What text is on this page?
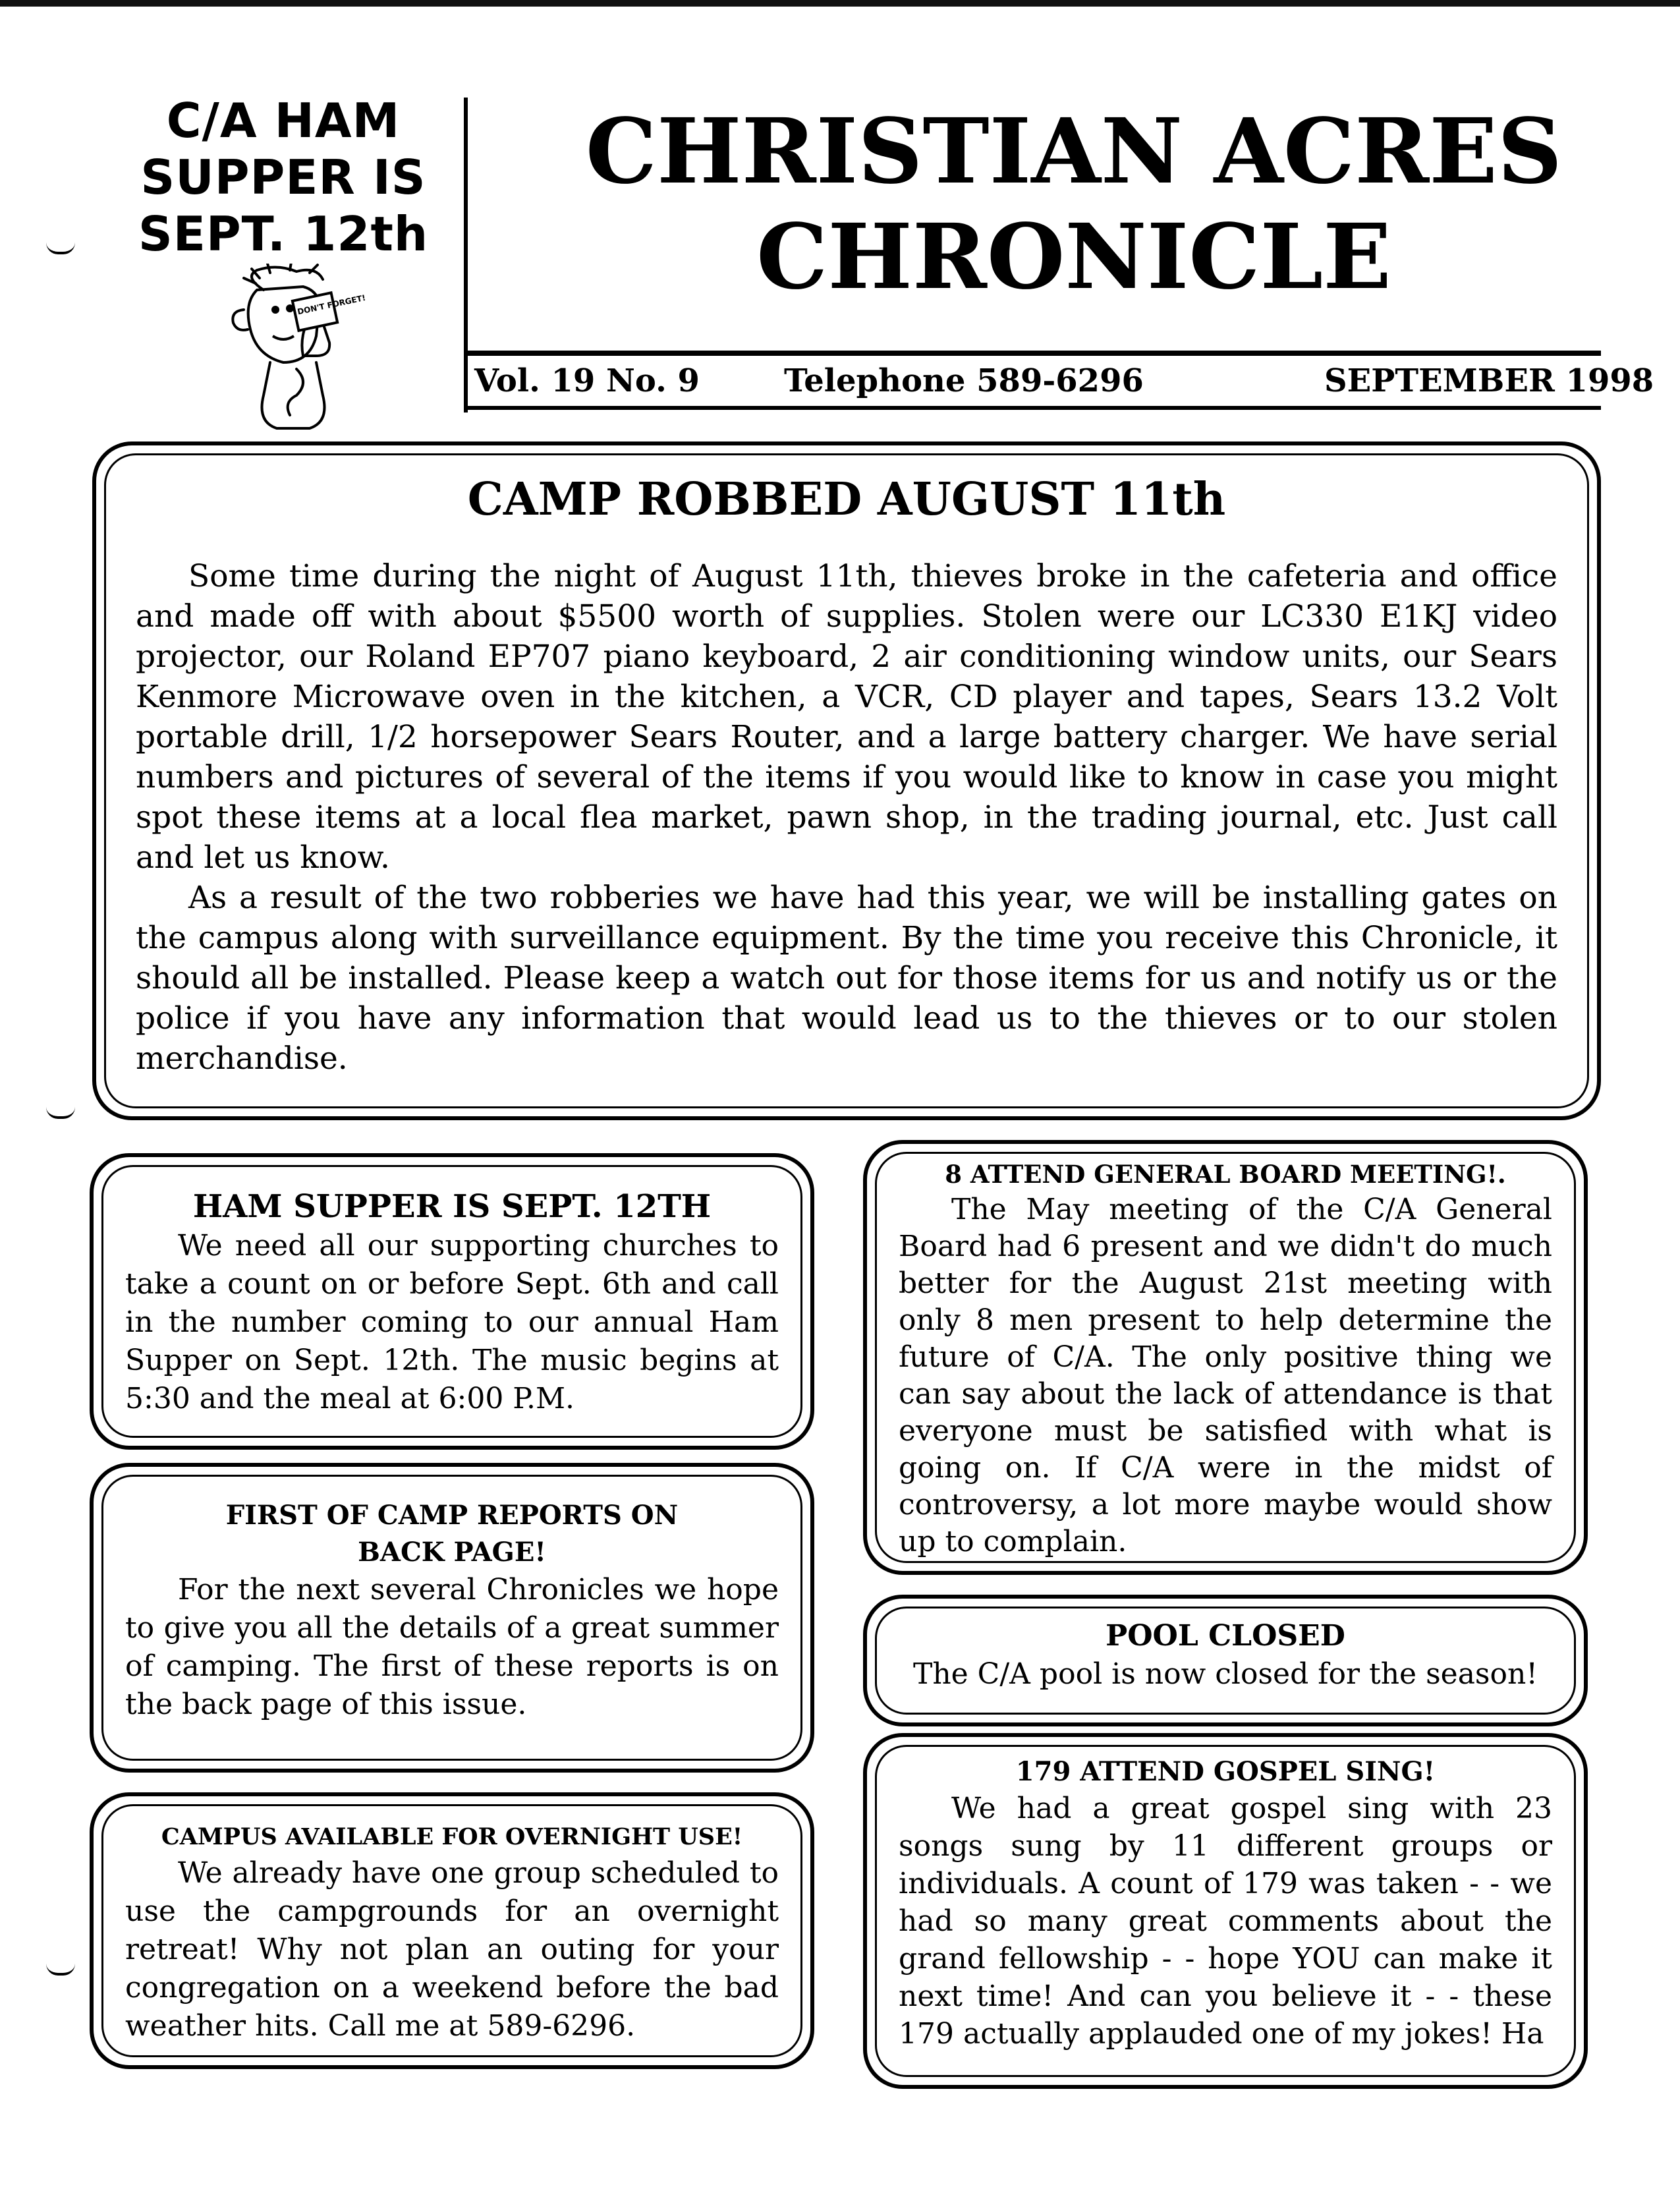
C/A HAM
SUPPER IS
SEPT. 12th
DON'T FORGET!
CHRISTIAN ACRES
CHRONICLE
Vol. 19 No. 9	Telephone 589-6296	SEPTEMBER 1998
CAMP ROBBED AUGUST 11th

Some time during the night of August 11th, thieves broke in the cafeteria and office and made off with about $5500 worth of supplies. Stolen were our LC330 E1KJ video projector, our Roland EP707 piano keyboard, 2 air conditioning window units, our Sears Kenmore Microwave oven in the kitchen, a VCR, CD player and tapes, Sears 13.2 Volt portable drill, 1/2 horsepower Sears Router, and a large battery charger. We have serial numbers and pictures of several of the items if you would like to know in case you might spot these items at a local flea market, pawn shop, in the trading journal, etc. Just call and let us know.

As a result of the two robberies we have had this year, we will be installing gates on the campus along with surveillance equipment. By the time you receive this Chronicle, it should all be installed. Please keep a watch out for those items for us and notify us or the police if you have any information that would lead us to the thieves or to our stolen merchandise.

HAM SUPPER IS SEPT. 12TH

We need all our supporting churches to take a count on or before Sept. 6th and call in the number coming to our annual Ham Supper on Sept. 12th. The music begins at 5:30 and the meal at 6:00 P.M.

FIRST OF CAMP REPORTS ON
BACK PAGE!

For the next several Chronicles we hope to give you all the details of a great summer of camping. The first of these reports is on the back page of this issue.

CAMPUS AVAILABLE FOR OVERNIGHT USE!

We already have one group scheduled to use the campgrounds for an overnight retreat! Why not plan an outing for your congregation on a weekend before the bad weather hits. Call me at 589-6296.

8 ATTEND GENERAL BOARD MEETING!.

The May meeting of the C/A General Board had 6 present and we didn't do much better for the August 21st meeting with only 8 men present to help determine the future of C/A. The only positive thing we can say about the lack of attendance is that everyone must be satisfied with what is going on. If C/A were in the midst of controversy, a lot more maybe would show up to complain.

POOL CLOSED

The C/A pool is now closed for the season!

179 ATTEND GOSPEL SING!

We had a great gospel sing with 23 songs sung by 11 different groups or individuals. A count of 179 was taken - - we had so many great comments about the grand fellowship - - hope YOU can make it next time! And can you believe it - - these 179 actually applauded one of my jokes! Ha
